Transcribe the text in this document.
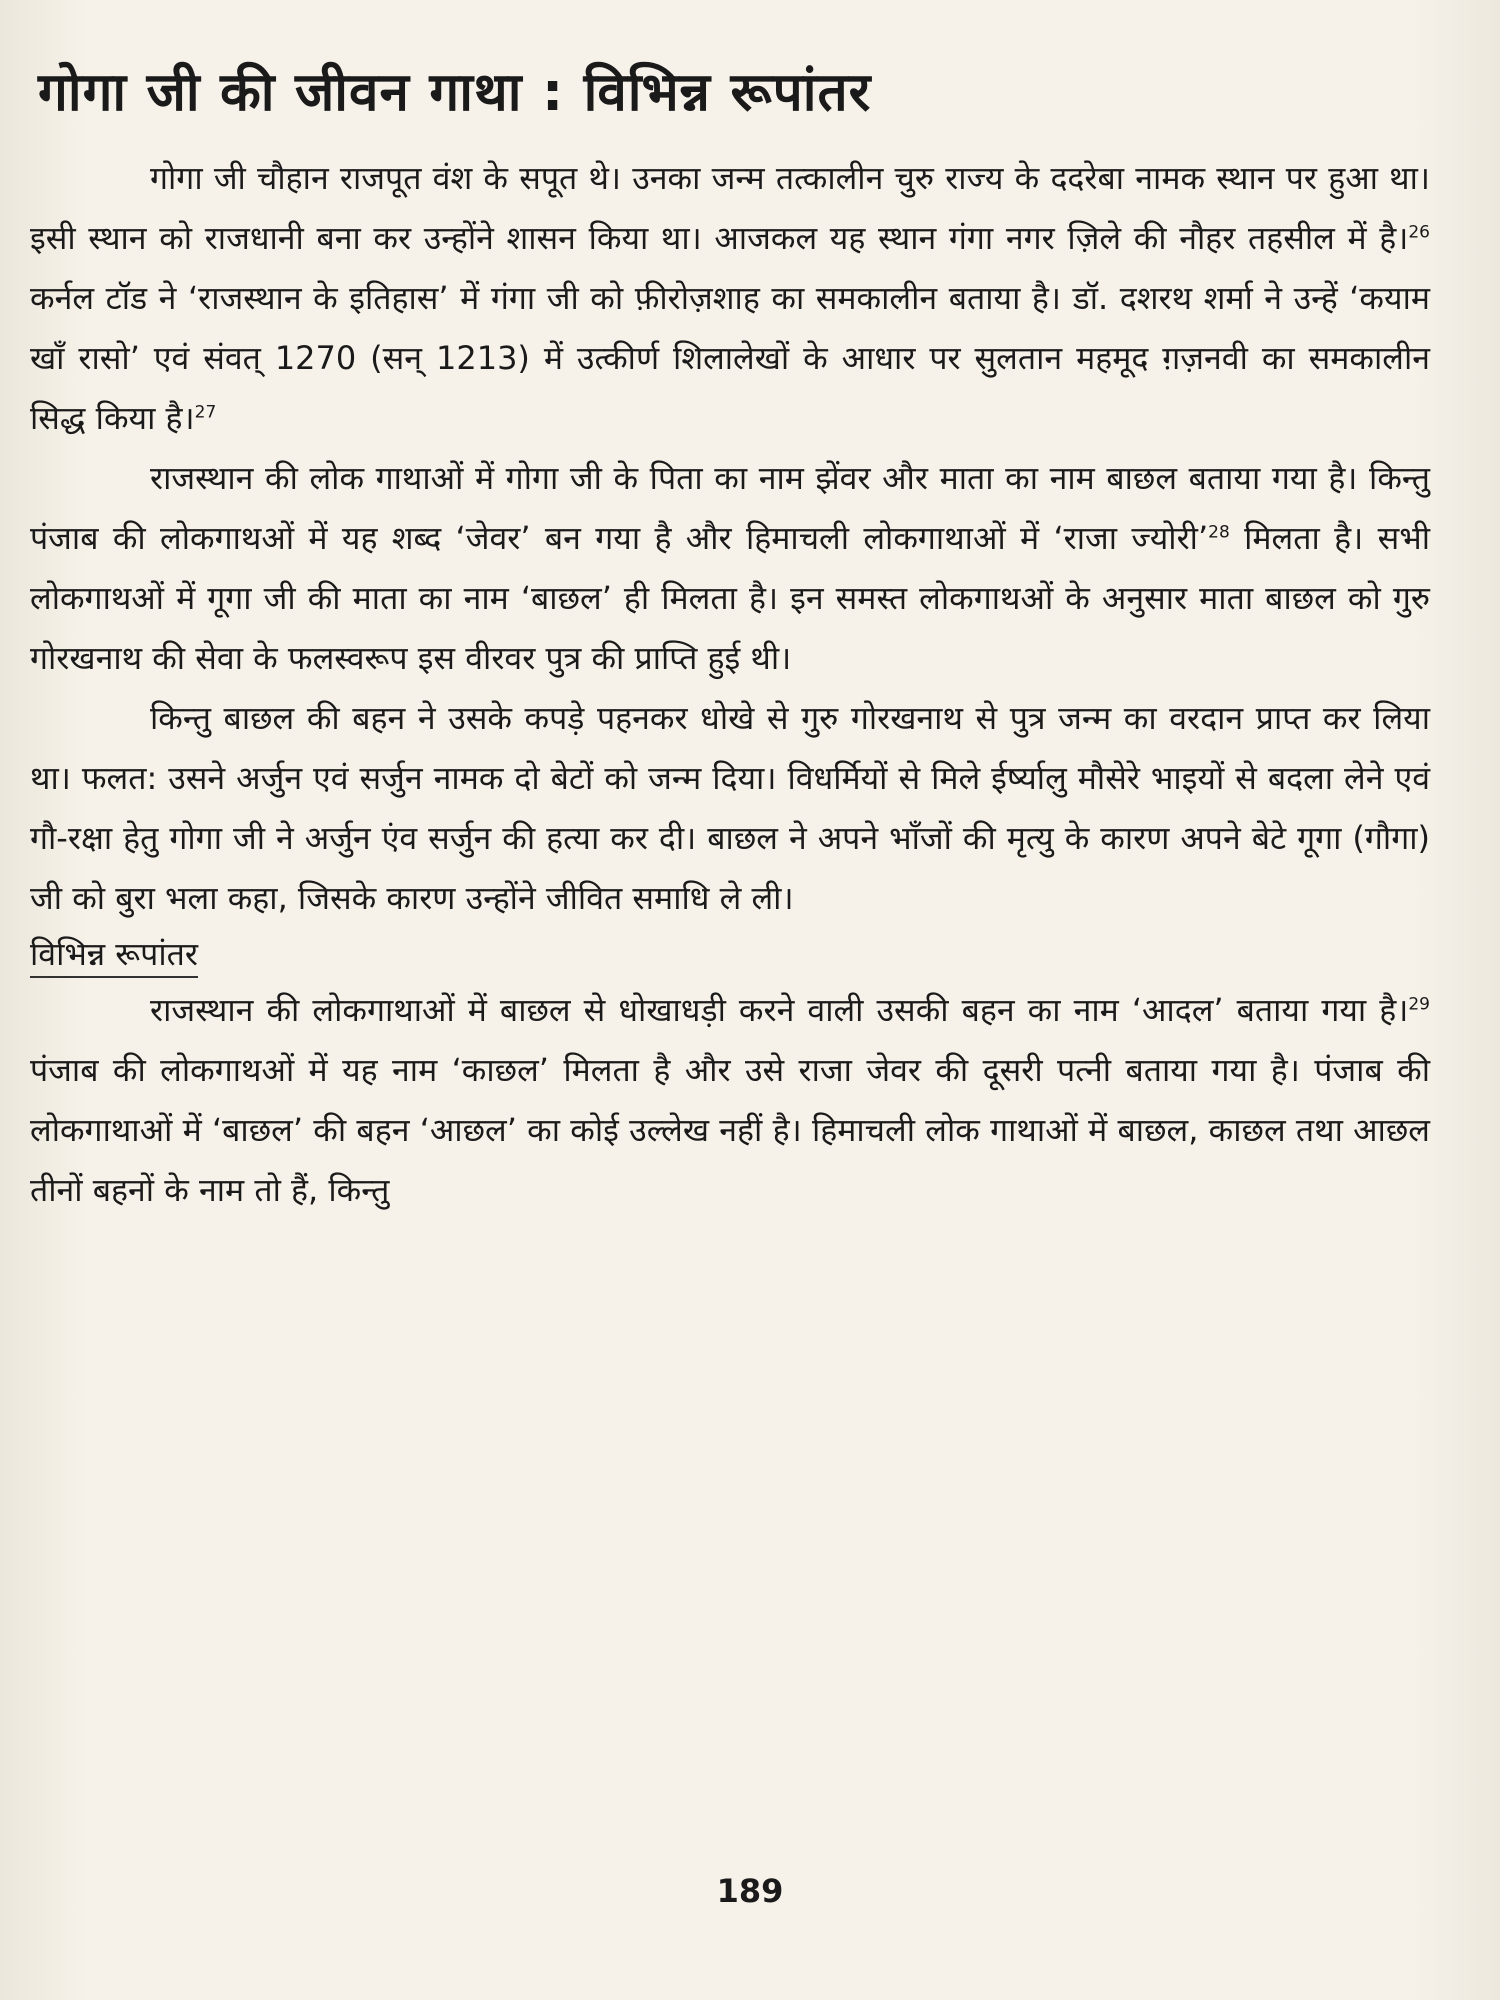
गोगा जी की जीवन गाथा : विभिन्न रूपांतर

गोगा जी चौहान राजपूत वंश के सपूत थे। उनका जन्म तत्कालीन चुरु राज्य के ददरेबा नामक स्थान पर हुआ था। इसी स्थान को राजधानी बना कर उन्होंने शासन किया था। आजकल यह स्थान गंगा नगर ज़िले की नौहर तहसील में है।$^{26}$ कर्नल टॉड ने ‘राजस्थान के इतिहास’ में गंगा जी को फ़ीरोज़शाह का समकालीन बताया है। डॉ. दशरथ शर्मा ने उन्हें ‘कयाम खाँ रासो’ एवं संवत् 1270 (सन् 1213) में उत्कीर्ण शिलालेखों के आधार पर सुलतान महमूद ग़ज़नवी का समकालीन सिद्ध किया है।$^{27}$

राजस्थान की लोक गाथाओं में गोगा जी के पिता का नाम झेंवर और माता का नाम बाछल बताया गया है। किन्तु पंजाब की लोकगाथओं में यह शब्द ‘जेवर’ बन गया है और हिमाचली लोकगाथाओं में ‘राजा ज्योरी’$^{28}$ मिलता है। सभी लोकगाथओं में गूगा जी की माता का नाम ‘बाछल’ ही मिलता है। इन समस्त लोकगाथओं के अनुसार माता बाछल को गुरु गोरखनाथ की सेवा के फलस्वरूप इस वीरवर पुत्र की प्राप्ति हुई थी।

किन्तु बाछल की बहन ने उसके कपड़े पहनकर धोखे से गुरु गोरखनाथ से पुत्र जन्म का वरदान प्राप्त कर लिया था। फलत: उसने अर्जुन एवं सर्जुन नामक दो बेटों को जन्म दिया। विधर्मियों से मिले ईर्ष्यालु मौसेरे भाइयों से बदला लेने एवं गौ-रक्षा हेतु गोगा जी ने अर्जुन एंव सर्जुन की हत्या कर दी। बाछल ने अपने भाँजों की मृत्यु के कारण अपने बेटे गूगा (गौगा) जी को बुरा भला कहा, जिसके कारण उन्होंने जीवित समाधि ले ली।

विभिन्न रूपांतर

राजस्थान की लोकगाथाओं में बाछल से धोखाधड़ी करने वाली उसकी बहन का नाम ‘आदल’ बताया गया है।$^{29}$ पंजाब की लोकगाथओं में यह नाम ‘काछल’ मिलता है और उसे राजा जेवर की दूसरी पत्नी बताया गया है। पंजाब की लोकगाथाओं में ‘बाछल’ की बहन ‘आछल’ का कोई उल्लेख नहीं है। हिमाचली लोक गाथाओं में बाछल, काछल तथा आछल तीनों बहनों के नाम तो हैं, किन्तु

189
